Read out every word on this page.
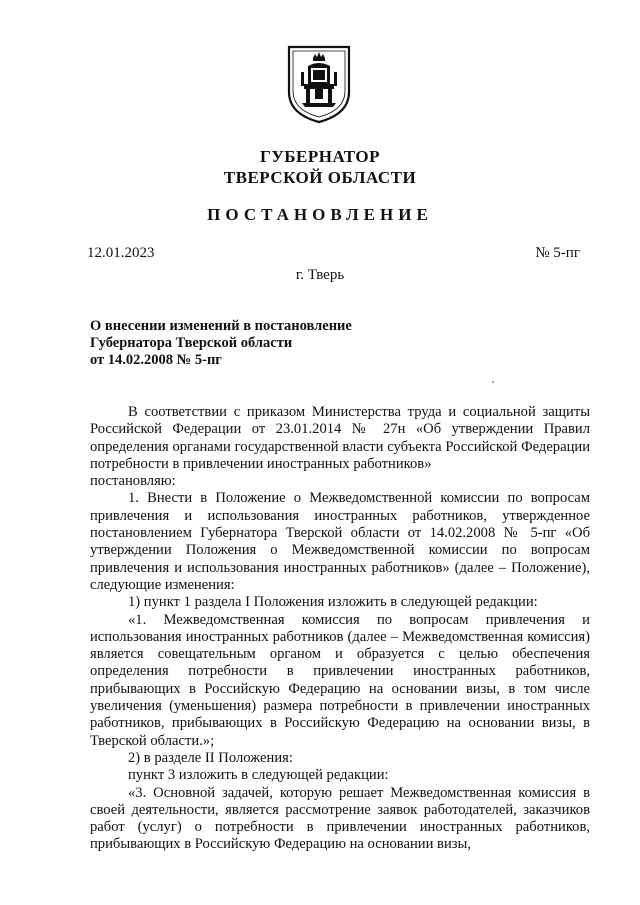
ГУБЕРНАТОР
ТВЕРСКОЙ ОБЛАСТИ
ПОСТАНОВЛЕНИЕ
12.01.2023	№ 5-пг
г. Тверь
О внесении изменений в постановление
Губернатора Тверской области
от 14.02.2008 № 5-пг

В соответствии с приказом Министерства труда и социальной защиты Российской Федерации от 23.01.2014 № 27н «Об утверждении Правил определения органами государственной власти субъекта Российской Федерации потребности в привлечении иностранных работников»

постановляю:

1. Внести в Положение о Межведомственной комиссии по вопросам привлечения и использования иностранных работников, утвержденное постановлением Губернатора Тверской области от 14.02.2008 № 5-пг «Об утверждении Положения о Межведомственной комиссии по вопросам привлечения и использования иностранных работников» (далее – Положение), следующие изменения:

1) пункт 1 раздела I Положения изложить в следующей редакции:

«1. Межведомственная комиссия по вопросам привлечения и использования иностранных работников (далее – Межведомственная комиссия) является совещательным органом и образуется с целью обеспечения определения потребности в привлечении иностранных работников, прибывающих в Российскую Федерацию на основании визы, в том числе увеличения (уменьшения) размера потребности в привлечении иностранных работников, прибывающих в Российскую Федерацию на основании визы, в Тверской области.»;

2) в разделе II Положения:

пункт 3 изложить в следующей редакции:

«3. Основной задачей, которую решает Межведомственная комиссия в своей деятельности, является рассмотрение заявок работодателей, заказчиков работ (услуг) о потребности в привлечении иностранных работников, прибывающих в Российскую Федерацию на основании визы,
